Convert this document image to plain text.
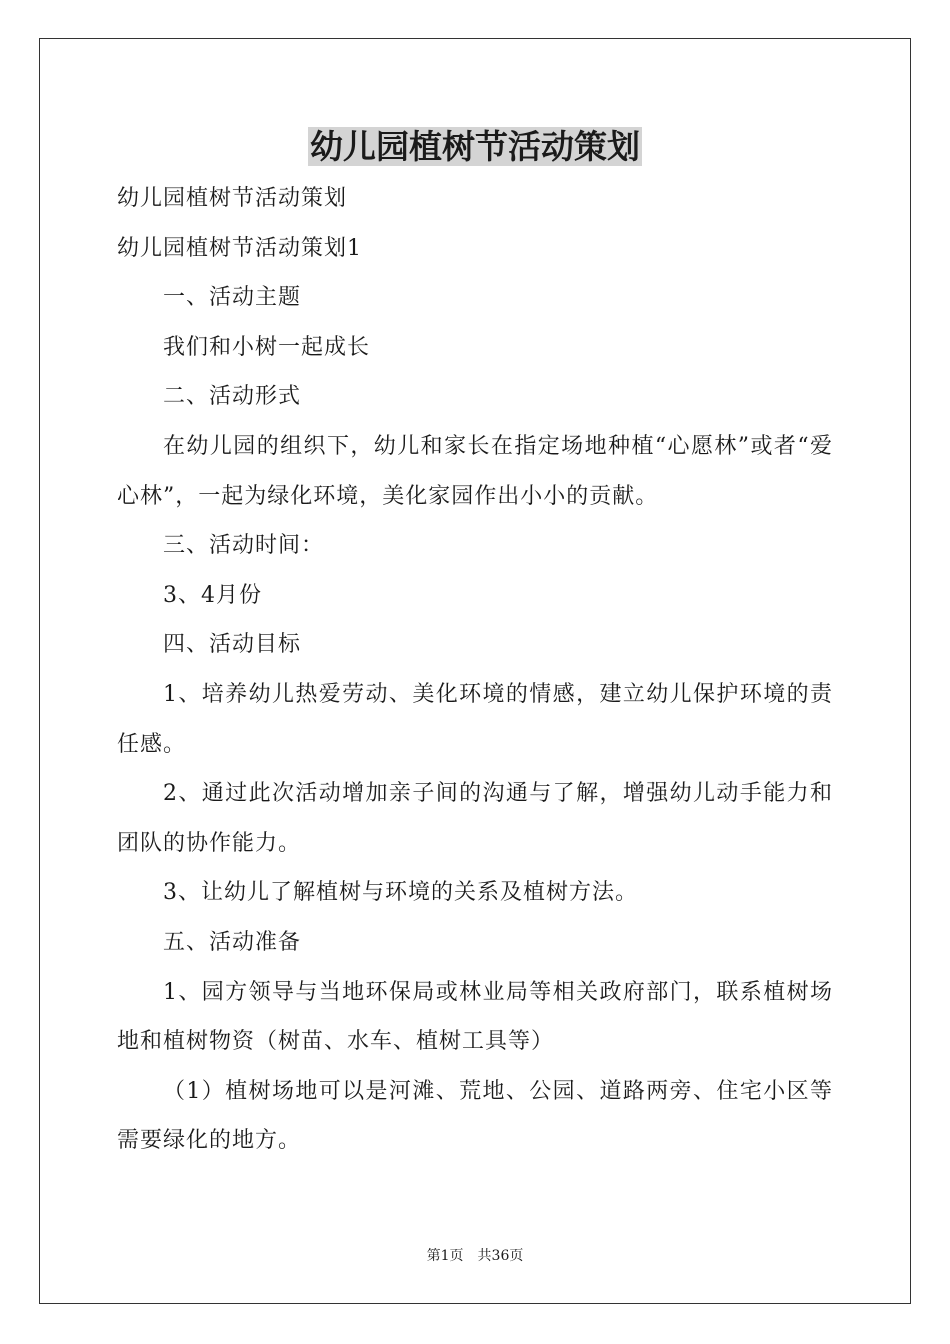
幼儿园植树节活动策划

幼儿园植树节活动策划

幼儿园植树节活动策划1

一、活动主题

我们和小树一起成长

二、活动形式

在幼儿园的组织下，幼儿和家长在指定场地种植“心愿林”或者“爱心林”，一起为绿化环境，美化家园作出小小的贡献。

三、活动时间：

3、4月份

四、活动目标

1、培养幼儿热爱劳动、美化环境的情感，建立幼儿保护环境的责任感。

2、通过此次活动增加亲子间的沟通与了解，增强幼儿动手能力和团队的协作能力。

3、让幼儿了解植树与环境的关系及植树方法。

五、活动准备

1、园方领导与当地环保局或林业局等相关政府部门，联系植树场地和植树物资（树苗、水车、植树工具等）

（1）植树场地可以是河滩、荒地、公园、道路两旁、住宅小区等需要绿化的地方。

第1页 共36页
